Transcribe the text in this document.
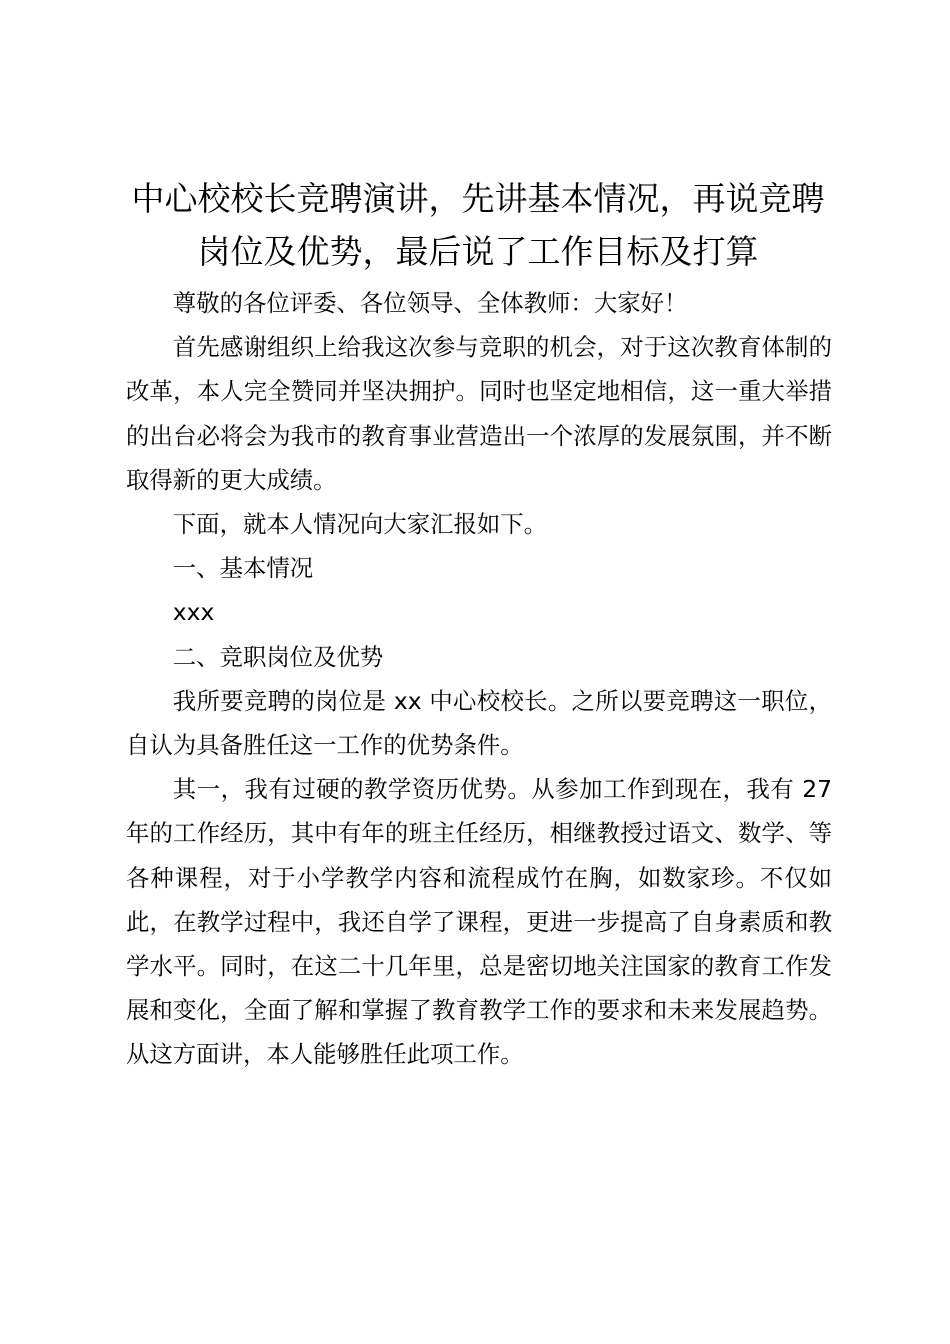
中心校校长竞聘演讲，先讲基本情况，再说竞聘岗位及优势，最后说了工作目标及打算

尊敬的各位评委、各位领导、全体教师：大家好！

首先感谢组织上给我这次参与竞职的机会，对于这次教育体制的改革，本人完全赞同并坚决拥护。同时也坚定地相信，这一重大举措的出台必将会为我市的教育事业营造出一个浓厚的发展氛围，并不断取得新的更大成绩。

下面，就本人情况向大家汇报如下。

一、基本情况

xxx

二、竞职岗位及优势

我所要竞聘的岗位是 xx 中心校校长。之所以要竞聘这一职位，自认为具备胜任这一工作的优势条件。

其一，我有过硬的教学资历优势。从参加工作到现在，我有 27 年的工作经历，其中有年的班主任经历，相继教授过语文、数学、等各种课程，对于小学教学内容和流程成竹在胸，如数家珍。不仅如此，在教学过程中，我还自学了课程，更进一步提高了自身素质和教学水平。同时，在这二十几年里，总是密切地关注国家的教育工作发展和变化，全面了解和掌握了教育教学工作的要求和未来发展趋势。从这方面讲，本人能够胜任此项工作。
